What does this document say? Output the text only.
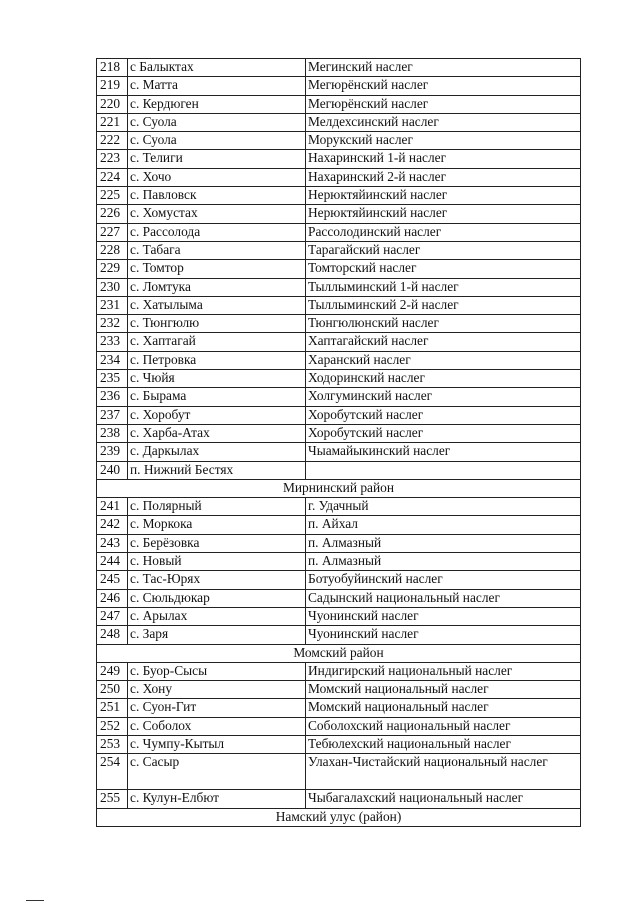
218	с Балыктах	Мегинский наслег
219	с. Матта	Мегюрёнский наслег
220	с. Кердюген	Мегюрёнский наслег
221	с. Суола	Мелдехсинский наслег
222	с. Суола	Морукский наслег
223	с. Телиги	Нахаринский 1-й наслег
224	с. Хочо	Нахаринский 2-й наслег
225	с. Павловск	Нерюктяйинский наслег
226	с. Хомустах	Нерюктяйинский наслег
227	с. Рассолода	Рассолодинский наслег
228	с. Табага	Тарагайский наслег
229	с. Томтор	Томторский наслег
230	с. Ломтука	Тыллыминский 1-й наслег
231	с. Хатылыма	Тыллыминский 2-й наслег
232	с. Тюнгюлю	Тюнгюлюнский наслег
233	с. Хаптагай	Хаптагайский наслег
234	с. Петровка	Харанский наслег
235	с. Чюйя	Ходоринский наслег
236	с. Бырама	Холгуминский наслег
237	с. Хоробут	Хоробутский наслег
238	с. Харба-Атах	Хоробутский наслег
239	с. Даркылах	Чыамайыкинский наслег
240	п. Нижний Бестях	
Мирнинский район		
241	с. Полярный	г. Удачный
242	с. Моркока	п. Айхал
243	с. Берёзовка	п. Алмазный
244	с. Новый	п. Алмазный
245	с. Тас-Юрях	Ботуобуйинский наслег
246	с. Сюльдюкар	Садынский национальный наслег
247	с. Арылах	Чуонинский наслег
248	с. Заря	Чуонинский наслег
Момский район		
249	с. Буор-Сысы	Индигирский национальный наслег
250	с. Хону	Момский национальный наслег
251	с. Суон-Гит	Момский национальный наслег
252	с. Соболох	Соболохский национальный наслег
253	с. Чумпу-Кытыл	Тебюлехский национальный наслег
254	с. Сасыр	Улахан-Чистайский национальный наслег
255	с. Кулун-Елбют	Чыбагалахский национальный наслег
Намский улус (район)		
